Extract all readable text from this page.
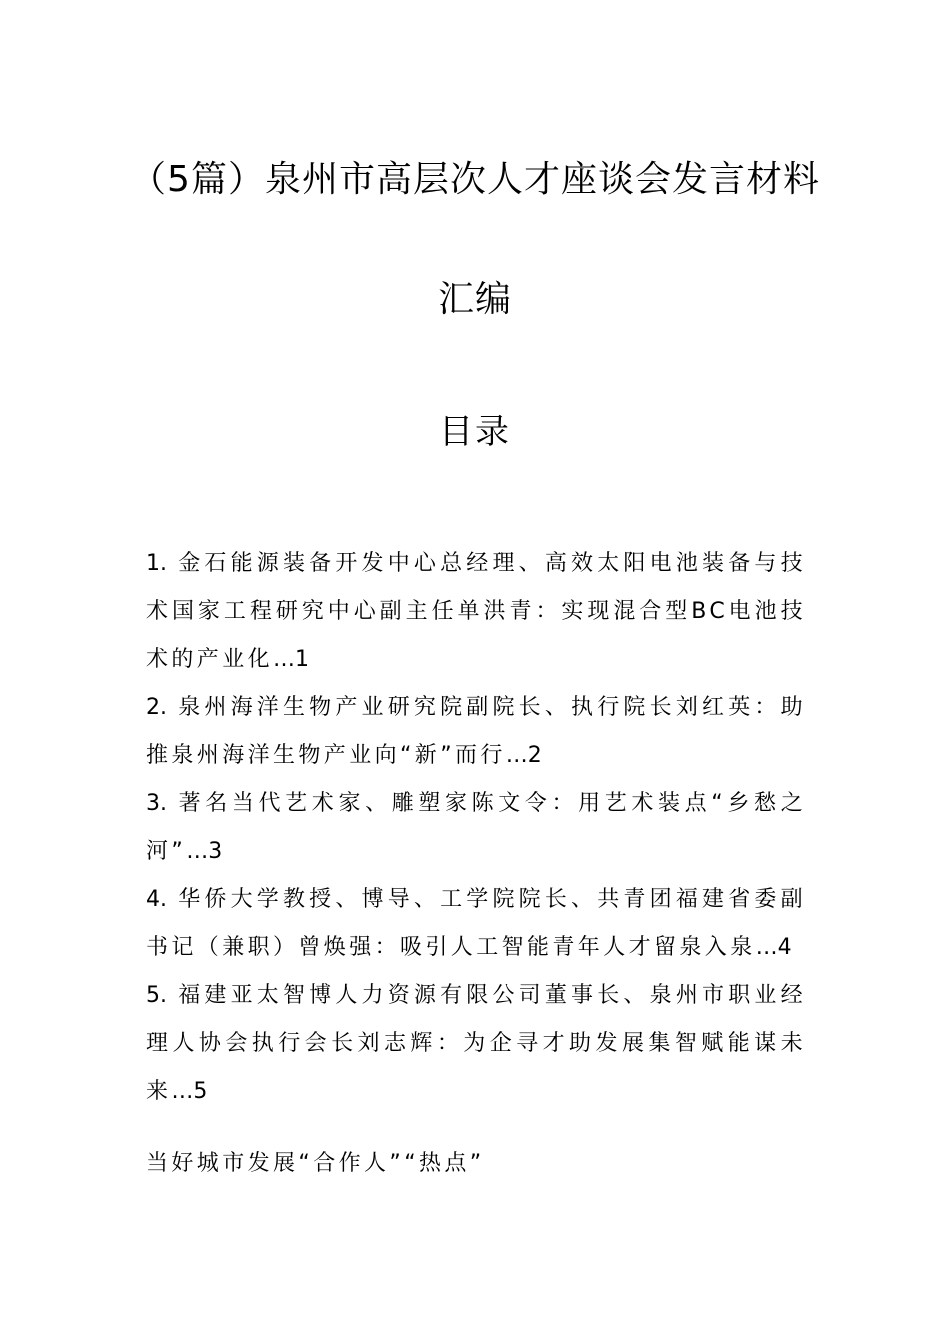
（5篇）泉州市高层次人才座谈会发言材料
汇编
目录
1. 金石能源装备开发中心总经理、高效太阳电池装备与技术国家工程研究中心副主任单洪青：实现混合型BC电池技术的产业化…1
2. 泉州海洋生物产业研究院副院长、执行院长刘红英：助推泉州海洋生物产业向“新”而行…2
3. 著名当代艺术家、雕塑家陈文令：用艺术装点“乡愁之河”…3
4. 华侨大学教授、博导、工学院院长、共青团福建省委副书记（兼职）曾焕强：吸引人工智能青年人才留泉入泉…4
5. 福建亚太智博人力资源有限公司董事长、泉州市职业经理人协会执行会长刘志辉：为企寻才助发展集智赋能谋未来…5
当好城市发展“合作人”“热点”
